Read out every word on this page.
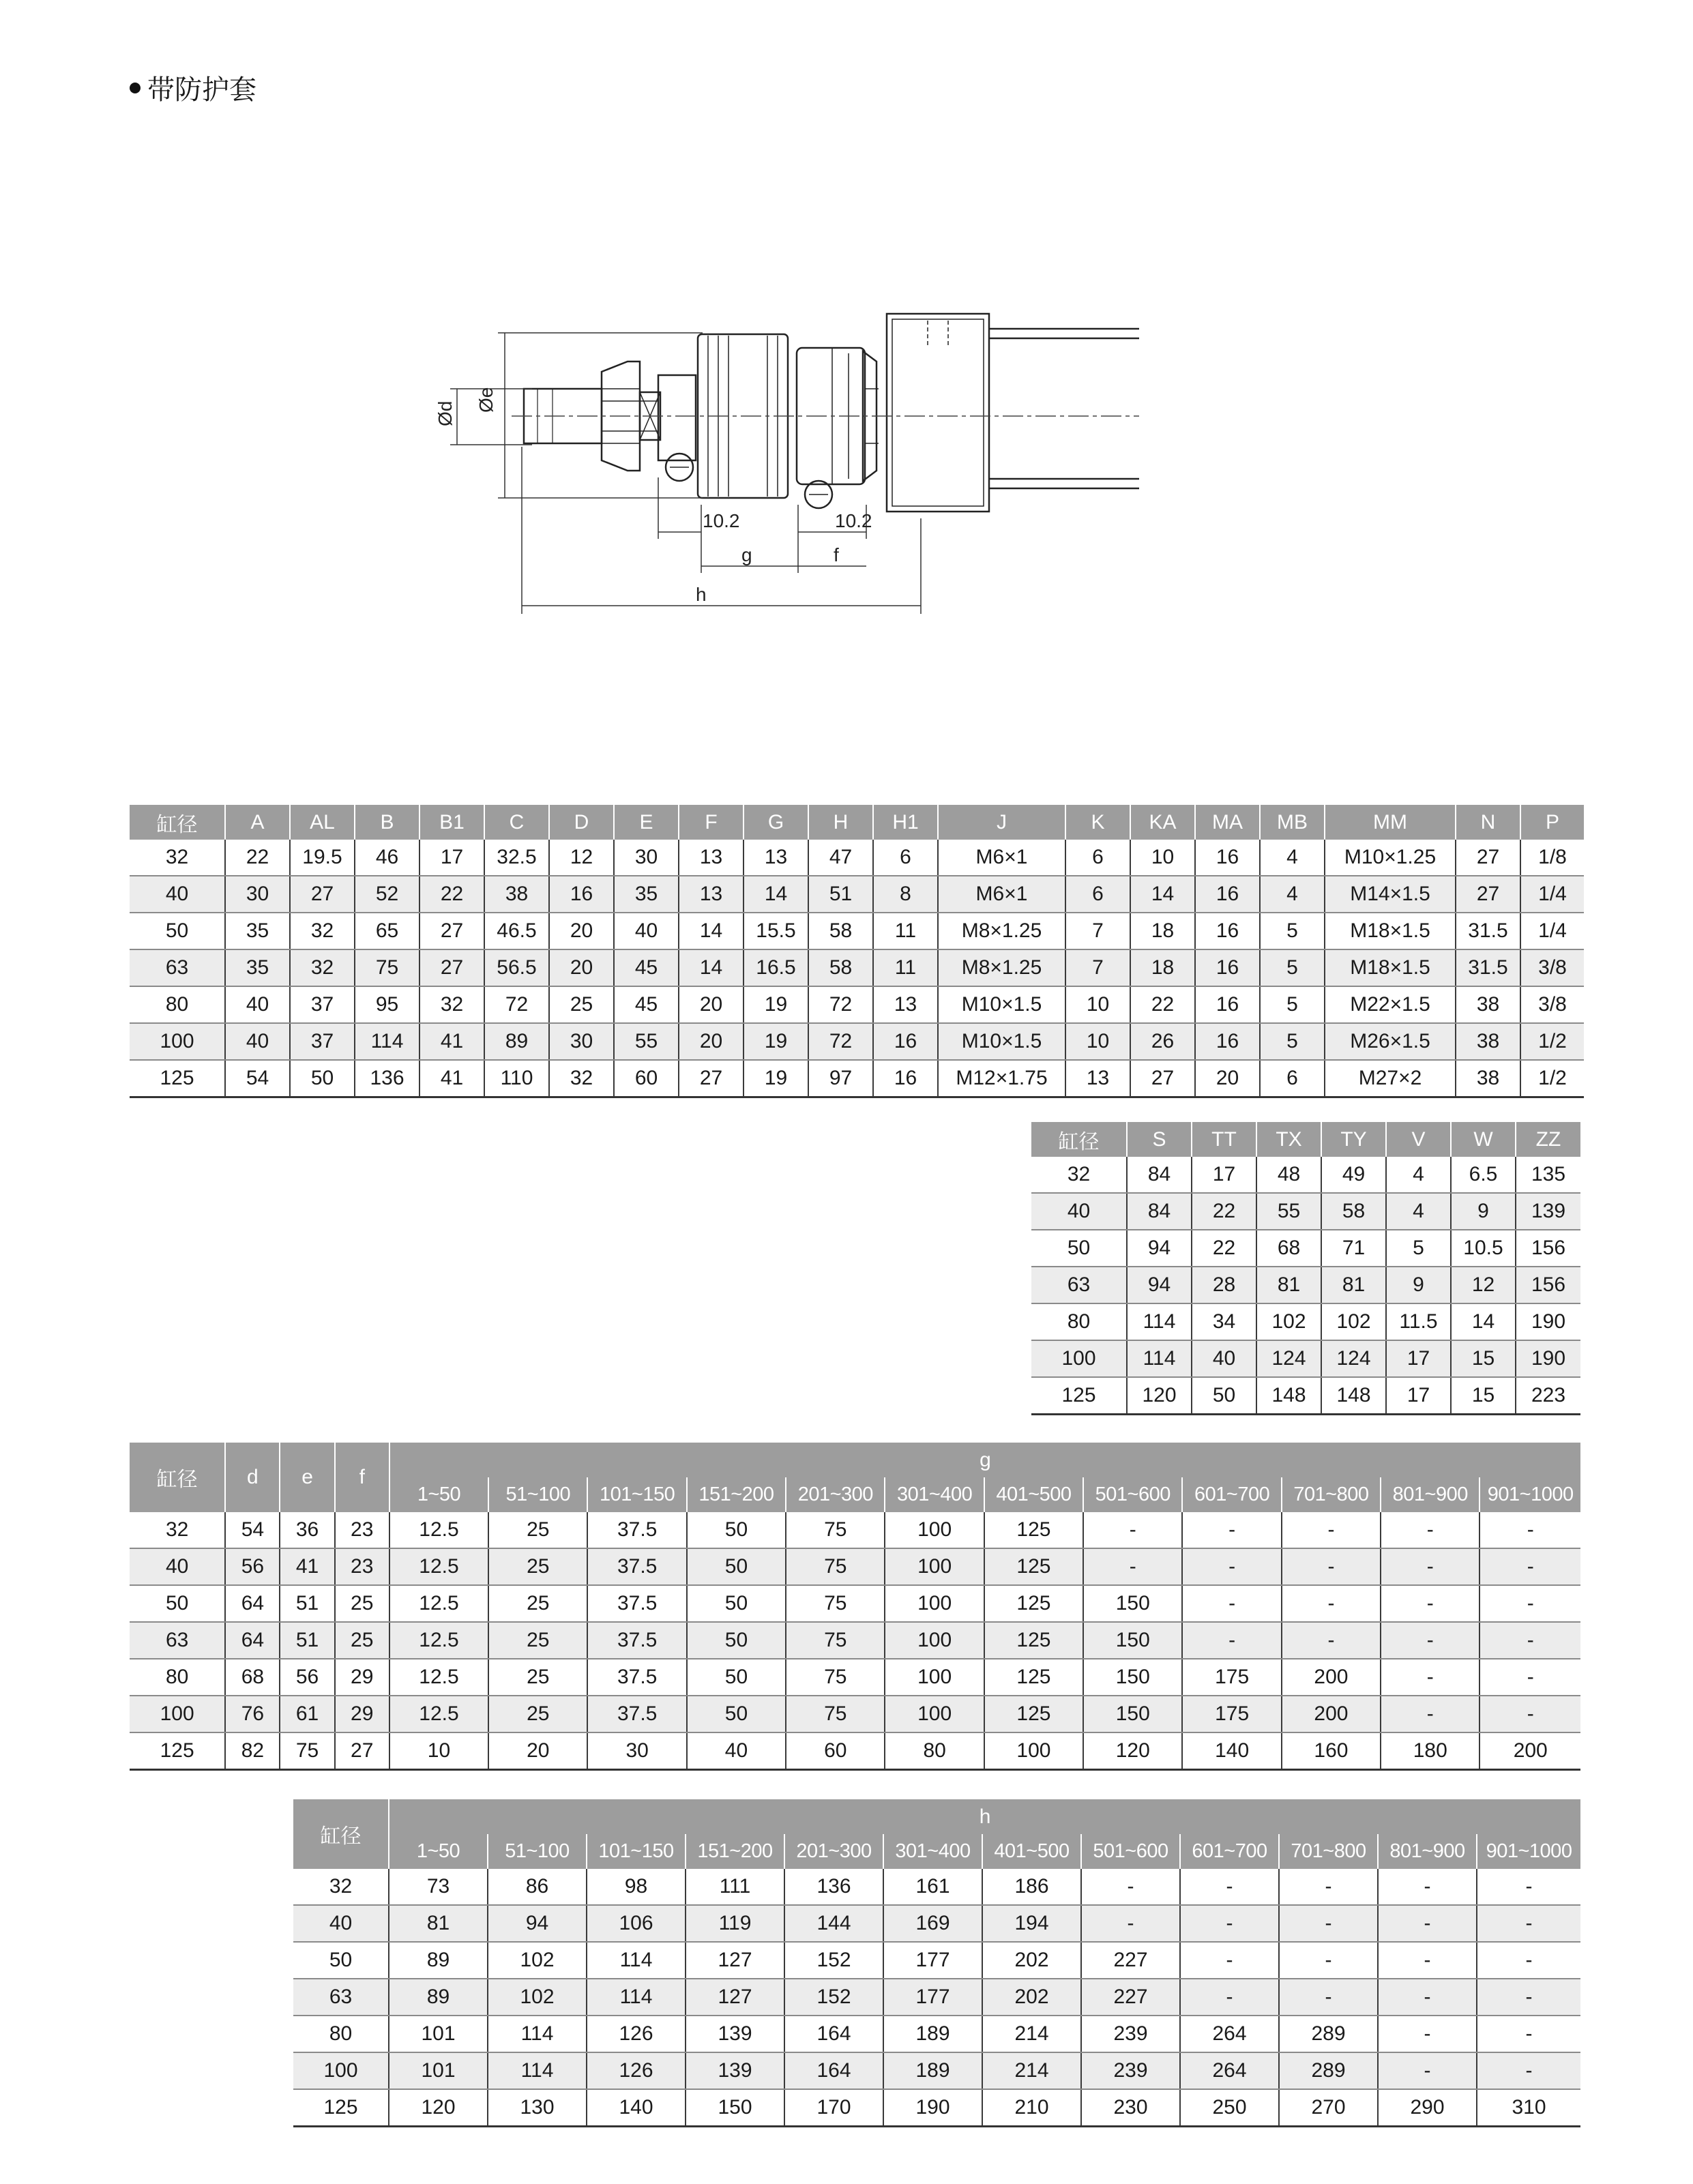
带防护套
Øe
Ød
10.2	10.2
g	f
h
缸径	A	AL	B	B1	C	D	E	F	G	H	H1	J	K	KA	MA	MB	MM	N	P
32	22	19.5	46	17	32.5	12	30	13	13	47	6	M6×1	6	10	16	4	M10×1.25	27	1/8
40	30	27	52	22	38	16	35	13	14	51	8	M6×1	6	14	16	4	M14×1.5	27	1/4
50	35	32	65	27	46.5	20	40	14	15.5	58	11	M8×1.25	7	18	16	5	M18×1.5	31.5	1/4
63	35	32	75	27	56.5	20	45	14	16.5	58	11	M8×1.25	7	18	16	5	M18×1.5	31.5	3/8
80	40	37	95	32	72	25	45	20	19	72	13	M10×1.5	10	22	16	5	M22×1.5	38	3/8
100	40	37	114	41	89	30	55	20	19	72	16	M10×1.5	10	26	16	5	M26×1.5	38	1/2
125	54	50	136	41	110	32	60	27	19	97	16	M12×1.75	13	27	20	6	M27×2	38	1/2
缸径	S	TT	TX	TY	V	W	ZZ
32	84	17	48	49	4	6.5	135
40	84	22	55	58	4	9	139
50	94	22	68	71	5	10.5	156
63	94	28	81	81	9	12	156
80	114	34	102	102	11.5	14	190
100	114	40	124	124	17	15	190
125	120	50	148	148	17	15	223
缸径	d	e	f	g											
				1~50	51~100	101~150	151~200	201~300	301~400	401~500	501~600	601~700	701~800	801~900	901~1000
32	54	36	23	12.5	25	37.5	50	75	100	125	-	-	-	-	-
40	56	41	23	12.5	25	37.5	50	75	100	125	-	-	-	-	-
50	64	51	25	12.5	25	37.5	50	75	100	125	150	-	-	-	-
63	64	51	25	12.5	25	37.5	50	75	100	125	150	-	-	-	-
80	68	56	29	12.5	25	37.5	50	75	100	125	150	175	200	-	-
100	76	61	29	12.5	25	37.5	50	75	100	125	150	175	200	-	-
125	82	75	27	10	20	30	40	60	80	100	120	140	160	180	200
缸径	h											
	1~50	51~100	101~150	151~200	201~300	301~400	401~500	501~600	601~700	701~800	801~900	901~1000
32	73	86	98	111	136	161	186	-	-	-	-	-
40	81	94	106	119	144	169	194	-	-	-	-	-
50	89	102	114	127	152	177	202	227	-	-	-	-
63	89	102	114	127	152	177	202	227	-	-	-	-
80	101	114	126	139	164	189	214	239	264	289	-	-
100	101	114	126	139	164	189	214	239	264	289	-	-
125	120	130	140	150	170	190	210	230	250	270	290	310
